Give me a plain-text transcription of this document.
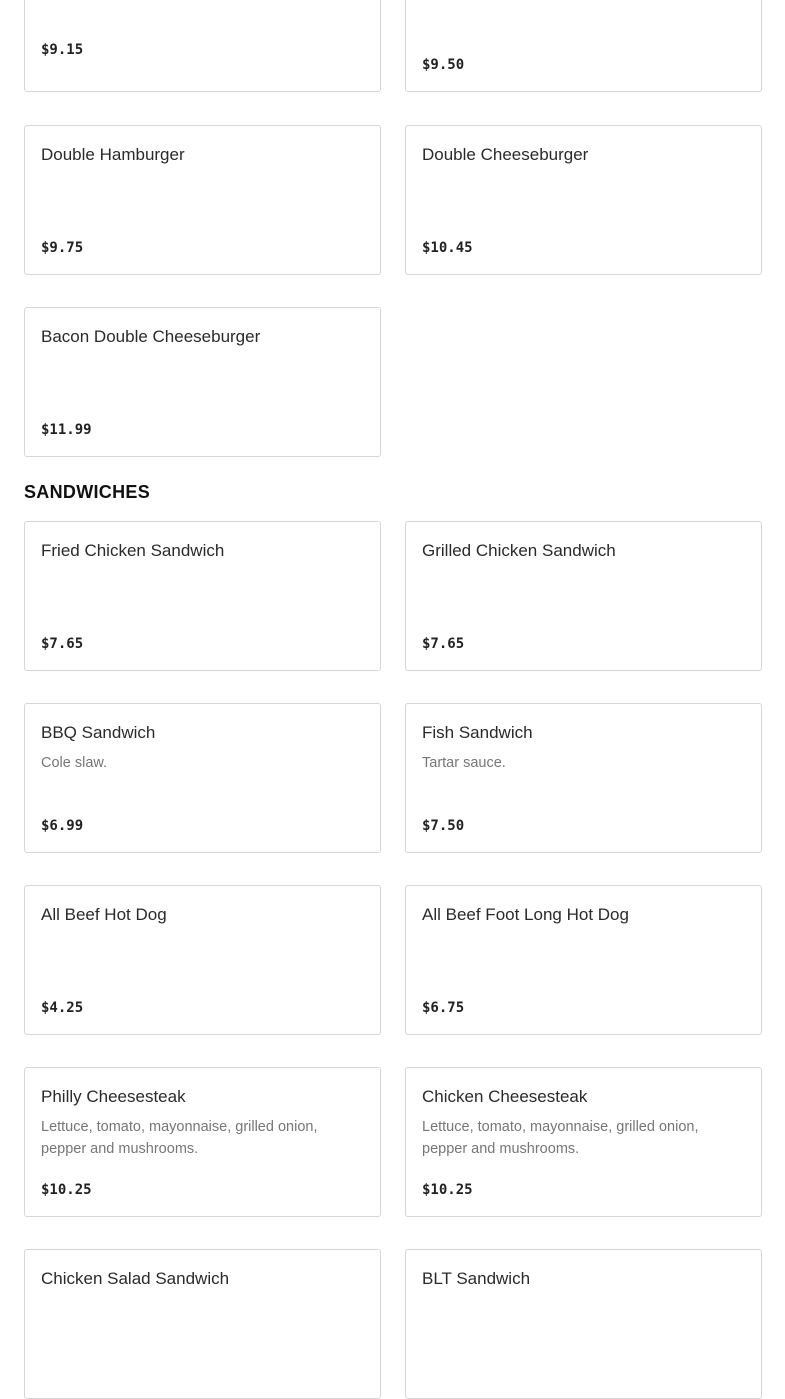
$9.15
$9.50
Double Hamburger
$9.75
Double Cheeseburger
$10.45
Bacon Double Cheeseburger
$11.99
SANDWICHES
Fried Chicken Sandwich
$7.65
Grilled Chicken Sandwich
$7.65
BBQ Sandwich
Cole slaw.
$6.99
Fish Sandwich
Tartar sauce.
$7.50
All Beef Hot Dog
$4.25
All Beef Foot Long Hot Dog
$6.75
Philly Cheesesteak
Lettuce, tomato, mayonnaise, grilled onion, pepper and mushrooms.
$10.25
Chicken Cheesesteak
Lettuce, tomato, mayonnaise, grilled onion, pepper and mushrooms.
$10.25
Chicken Salad Sandwich	BLT Sandwich
